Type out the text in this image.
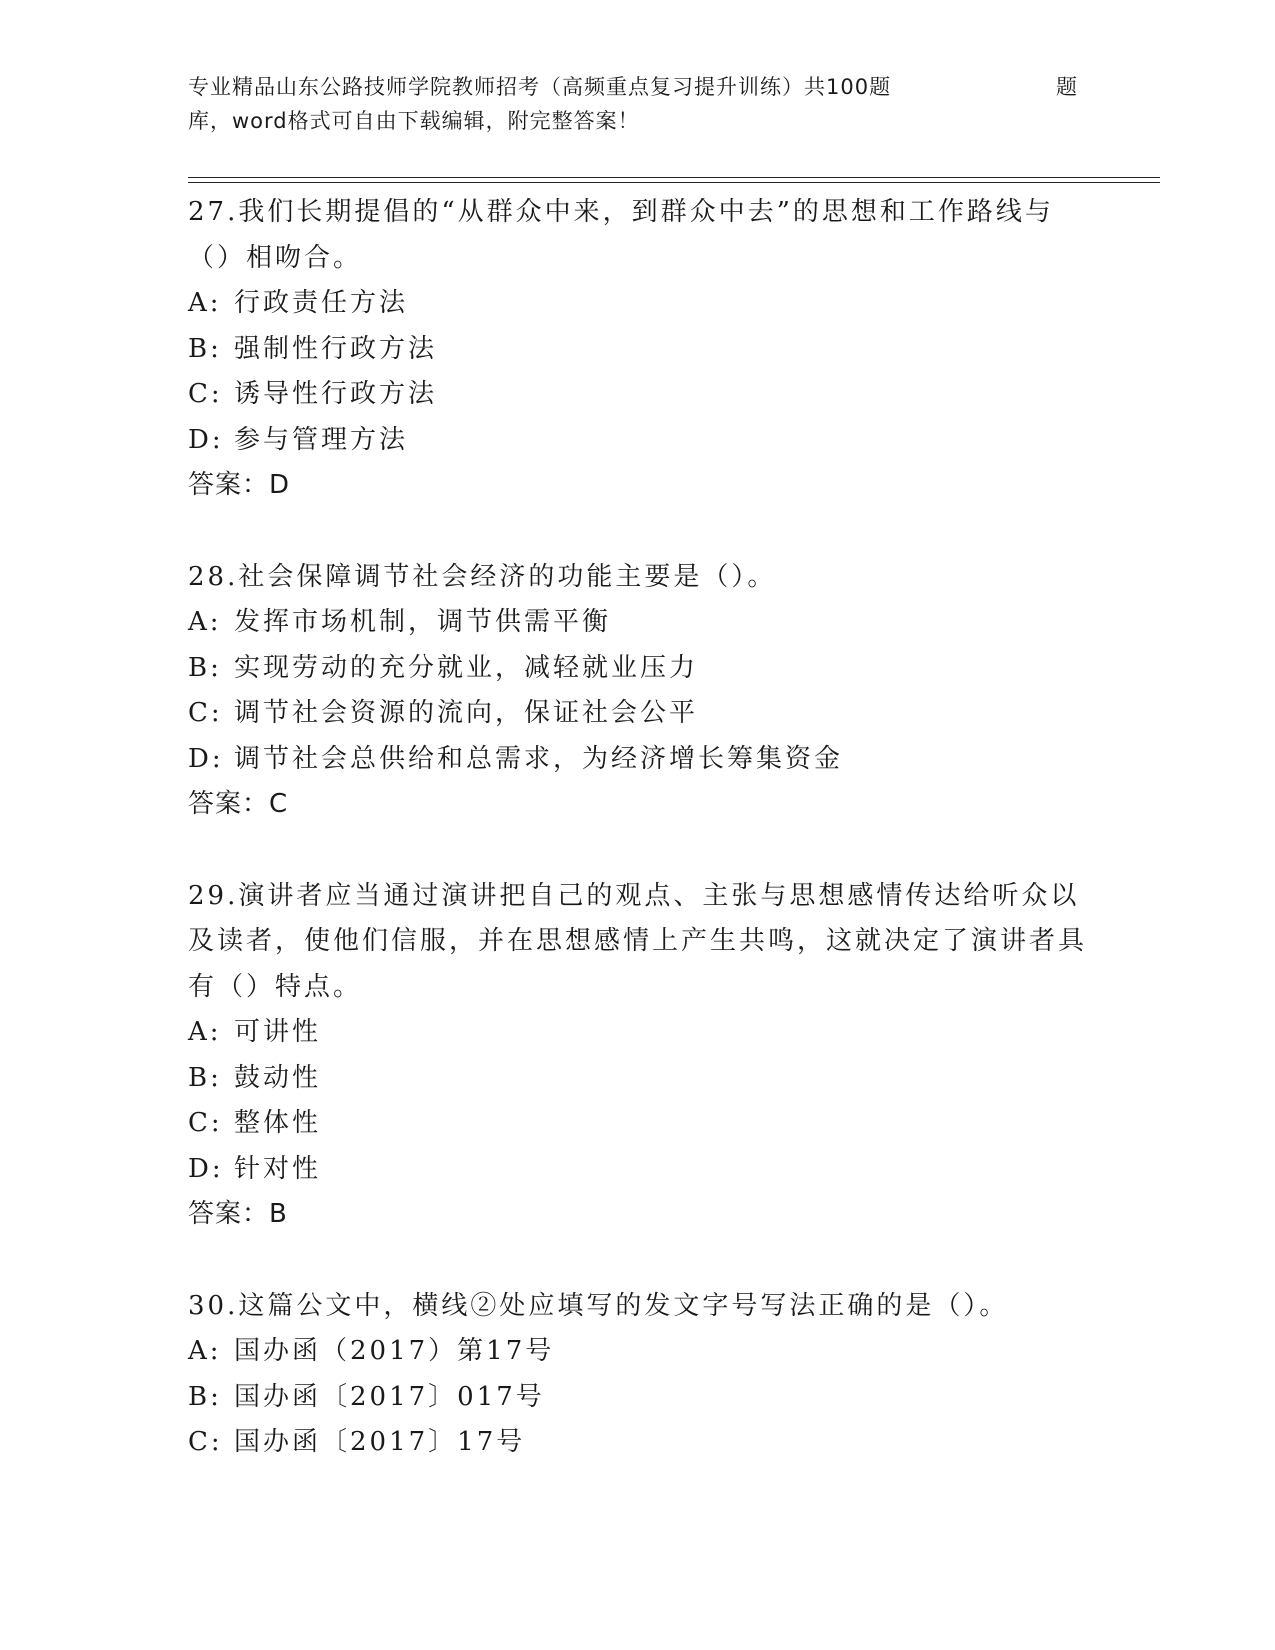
专业精品山东公路技师学院教师招考（高频重点复习提升训练）共100题	题
库，word格式可自由下载编辑，附完整答案！

27.我们长期提倡的“从群众中来，到群众中去”的思想和工作路线与（）相吻合。

A: 行政责任方法
B: 强制性行政方法
C: 诱导性行政方法
D: 参与管理方法
答案：D

28.社会保障调节社会经济的功能主要是（）。

A: 发挥市场机制，调节供需平衡
B: 实现劳动的充分就业，减轻就业压力
C: 调节社会资源的流向，保证社会公平
D: 调节社会总供给和总需求，为经济增长筹集资金
答案：C

29.演讲者应当通过演讲把自己的观点、主张与思想感情传达给听众以及读者，使他们信服，并在思想感情上产生共鸣，这就决定了演讲者具有（）特点。

A: 可讲性
B: 鼓动性
C: 整体性
D: 针对性
答案：B

30.这篇公文中，横线②处应填写的发文字号写法正确的是（）。

A: 国办函（2017）第17号
B: 国办函〔2017〕017号
C: 国办函〔2017〕17号
